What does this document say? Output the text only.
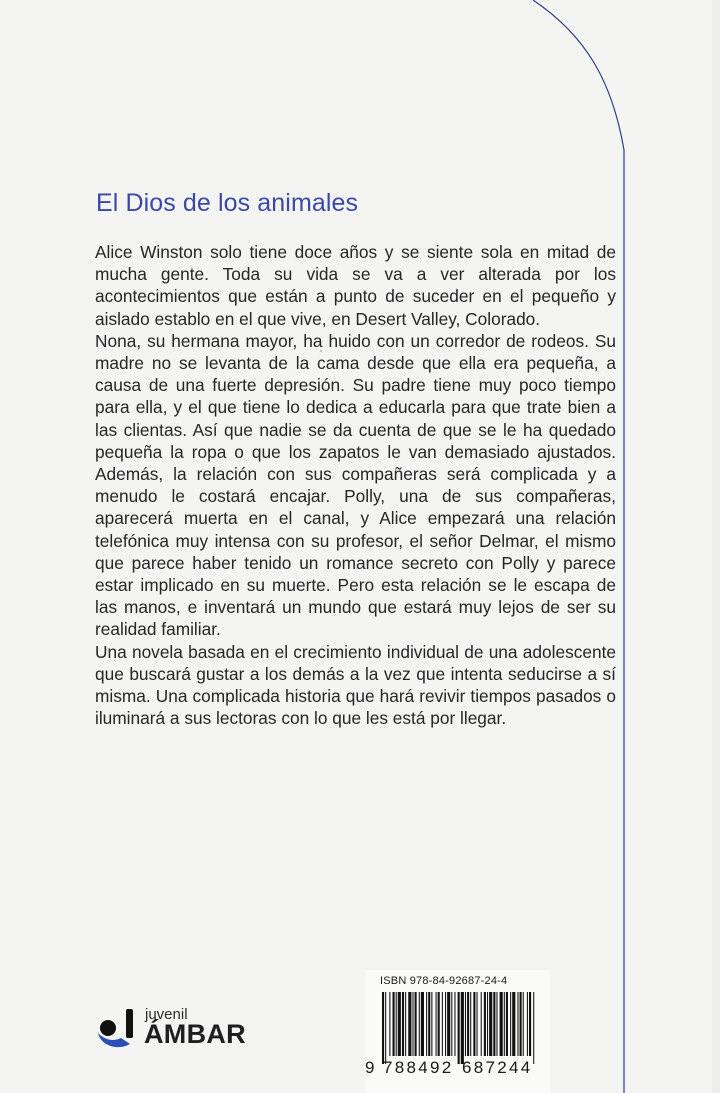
El Dios de los animales

Alice Winston solo tiene doce años y se siente sola en mitad de mucha gente. Toda su vida se va a ver alterada por los acontecimientos que están a punto de suceder en el pequeño y aislado establo en el que vive, en Desert Valley, Colorado.

Nona, su hermana mayor, ha huido con un corredor de rodeos. Su madre no se levanta de la cama desde que ella era pequeña, a causa de una fuerte depresión. Su padre tiene muy poco tiempo para ella, y el que tiene lo dedica a educarla para que trate bien a las clientas. Así que nadie se da cuenta de que se le ha quedado pequeña la ropa o que los zapatos le van demasiado ajustados. Además, la relación con sus compañeras será complicada y a menudo le costará encajar. Polly, una de sus compañeras, aparecerá muerta en el canal, y Alice empezará una relación telefónica muy intensa con su profesor, el señor Delmar, el mismo que parece haber tenido un romance secreto con Polly y parece estar implicado en su muerte. Pero esta relación se le escapa de las manos, e inventará un mundo que estará muy lejos de ser su realidad familiar.

Una novela basada en el crecimiento individual de una adolescente que buscará gustar a los demás a la vez que intenta seducirse a sí misma. Una complicada historia que hará revivir tiempos pasados o iluminará a sus lectoras con lo que les está por llegar.

juvenil
ÁMBAR
ISBN 978-84-92687-24-4
9 788492 687244
